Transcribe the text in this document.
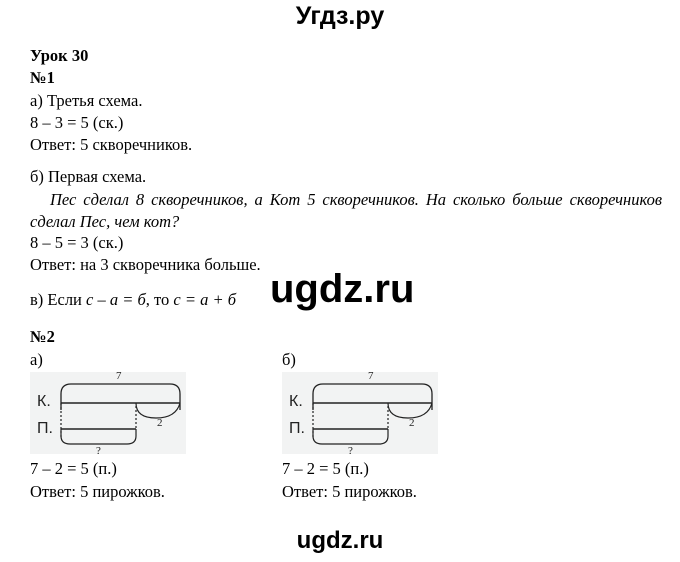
Угдз.ру
Урок 30
№1
а) Третья схема.
8 – 3 = 5 (ск.)
Ответ: 5 скворечников.
б) Первая схема.
Пес сделал 8 скворечников, а Кот 5 скворечников. На сколько больше скворечников сделал Пес, чем кот?
8 – 5 = 3 (ск.)
Ответ: на 3 скворечника больше.
в) Если с – а = б, то с = а + б ugdz.ru
№2
а)	б)
К.
П.
7
2
?
К.
П.
7
2
?
7 – 2 = 5 (п.)
Ответ: 5 пирожков.
7 – 2 = 5 (п.)
Ответ: 5 пирожков.
ugdz.ru
